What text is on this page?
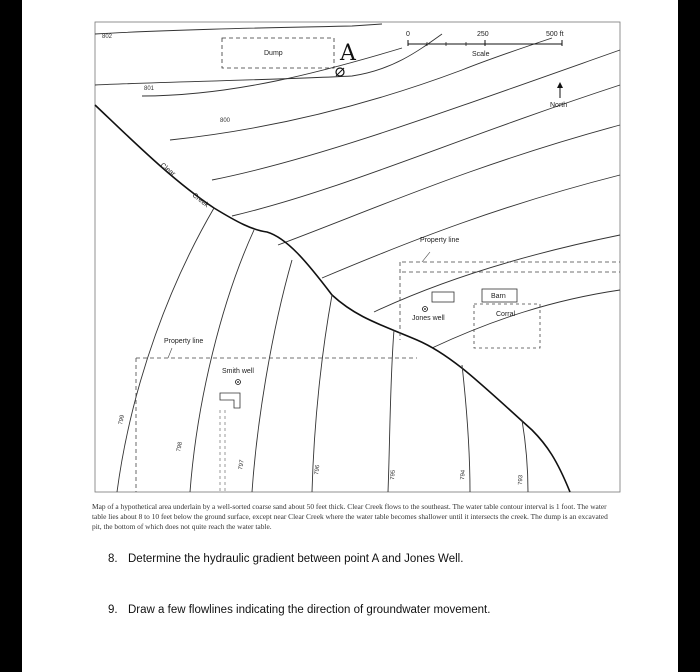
Dump	A
0	250	500 ft
Scale
North
Clear
Creek
Property line
Property line
Barn
Corral
Jones well
Smith well
802
801
800
799
798
797	796	795	794	793
Map of a hypothetical area underlain by a well-sorted coarse sand about 50 feet thick. Clear Creek flows to the southeast. The water table contour interval is 1 foot. The water table lies about 8 to 10 feet below the ground surface, except near Clear Creek where the water table becomes shallower until it intersects the creek. The dump is an excavated pit, the bottom of which does not quite reach the water table.
8. Determine the hydraulic gradient between point A and Jones Well.
9. Draw a few flowlines indicating the direction of groundwater movement.
